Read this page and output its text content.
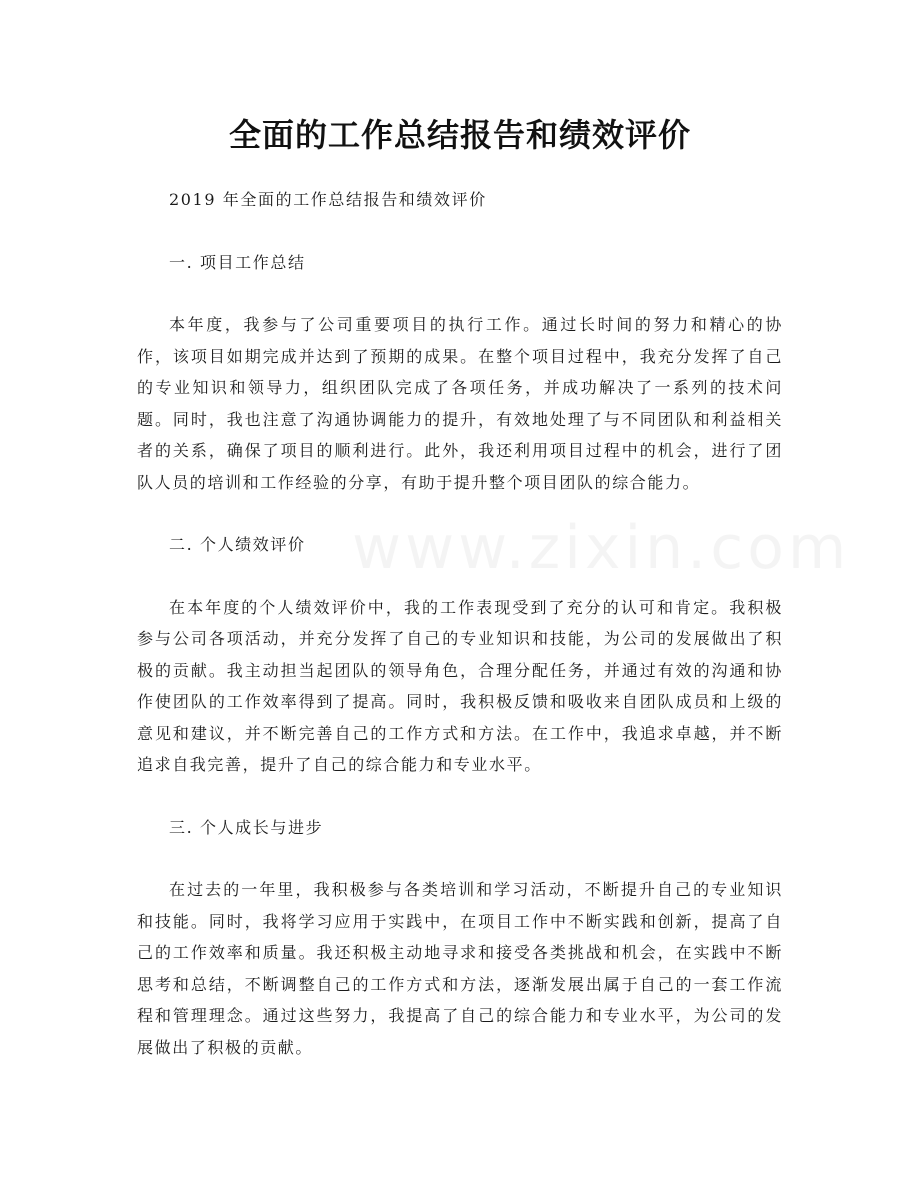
全面的工作总结报告和绩效评价

2019 年全面的工作总结报告和绩效评价

一. 项目工作总结

本年度，我参与了公司重要项目的执行工作。通过长时间的努力和精心的协作，该项目如期完成并达到了预期的成果。在整个项目过程中，我充分发挥了自己的专业知识和领导力，组织团队完成了各项任务，并成功解决了一系列的技术问题。同时，我也注意了沟通协调能力的提升，有效地处理了与不同团队和利益相关者的关系，确保了项目的顺利进行。此外，我还利用项目过程中的机会，进行了团队人员的培训和工作经验的分享，有助于提升整个项目团队的综合能力。

二. 个人绩效评价

在本年度的个人绩效评价中，我的工作表现受到了充分的认可和肯定。我积极参与公司各项活动，并充分发挥了自己的专业知识和技能，为公司的发展做出了积极的贡献。我主动担当起团队的领导角色，合理分配任务，并通过有效的沟通和协作使团队的工作效率得到了提高。同时，我积极反馈和吸收来自团队成员和上级的意见和建议，并不断完善自己的工作方式和方法。在工作中，我追求卓越，并不断追求自我完善，提升了自己的综合能力和专业水平。

三. 个人成长与进步

在过去的一年里，我积极参与各类培训和学习活动，不断提升自己的专业知识和技能。同时，我将学习应用于实践中，在项目工作中不断实践和创新，提高了自己的工作效率和质量。我还积极主动地寻求和接受各类挑战和机会，在实践中不断思考和总结，不断调整自己的工作方式和方法，逐渐发展出属于自己的一套工作流程和管理理念。通过这些努力，我提高了自己的综合能力和专业水平，为公司的发展做出了积极的贡献。
